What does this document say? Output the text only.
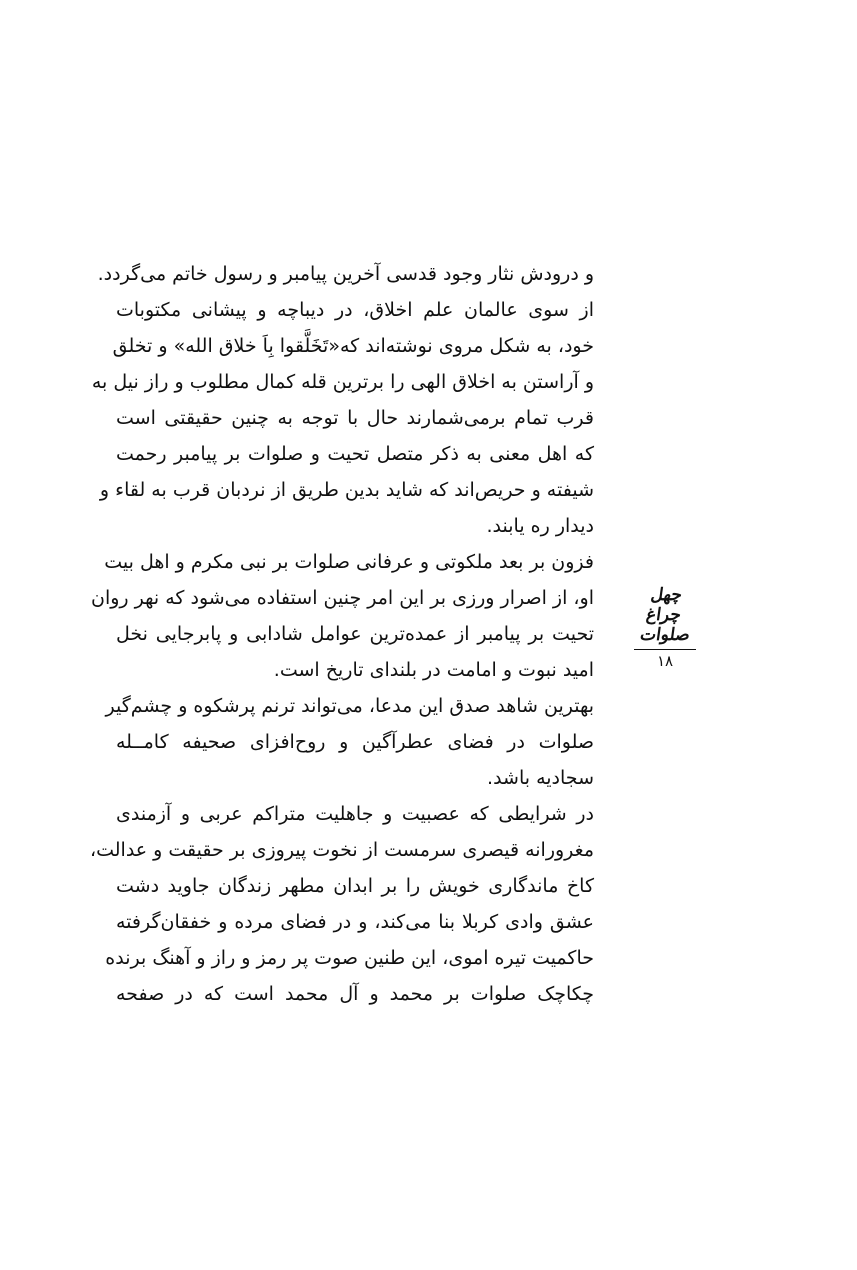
و درودش نثار وجود قدسی آخرین پیامبر و رسول خاتم می‌گردد.
از سوی عالمان علم اخلاق، در دیباچه و پیشانی مکتوبات
خود، به شکل مروی نوشته‌اند که«تَخَلَّقوا بِاَ خلاق الله» و تخلق
و آراستن به اخلاق الهی را برترین قله کمال مطلوب و راز نیل به
قرب تمام برمی‌شمارند حال با توجه به چنین حقیقتی است
که اهل معنی به ذکر متصل تحیت و صلوات بر پیامبر رحمت
شیفته و حریص‌اند که شاید بدین طریق از نردبان قرب به لقاء و
دیدار ره یابند.
فزون بر بعد ملکوتی و عرفانی صلوات بر نبی مکرم و اهل بیت
او، از اصرار ورزی بر این امر چنین استفاده می‌شود که نهر روان
تحیت بر پیامبر از عمده‌ترین عوامل شادابی و پابرجایی نخل
امید نبوت و امامت در بلندای تاریخ است.
بهترین شاهد صدق این مدعا، می‌تواند ترنم پرشکوه و چشم‌گیر
صلوات در فضای عطرآگین و روح‌افزای صحیفه کامــله
سجادیه باشد.
در شرایطی که عصبیت و جاهلیت متراکم عربی و آزمندی
مغرورانه قیصری سرمست از نخوت پیروزی بر حقیقت و عدالت،
کاخ ماندگاری خویش را بر ابدان مطهر زندگان جاوید دشت
عشق وادی کربلا بنا می‌کند، و در فضای مرده و خفقان‌گرفته
حاکمیت تیره اموی، این طنین صوت پر رمز و راز و آهنگ برنده
چکاچک صلوات بر محمد و آل محمد است که در صفحه
چهل چراغ
صلوات
۱۸
